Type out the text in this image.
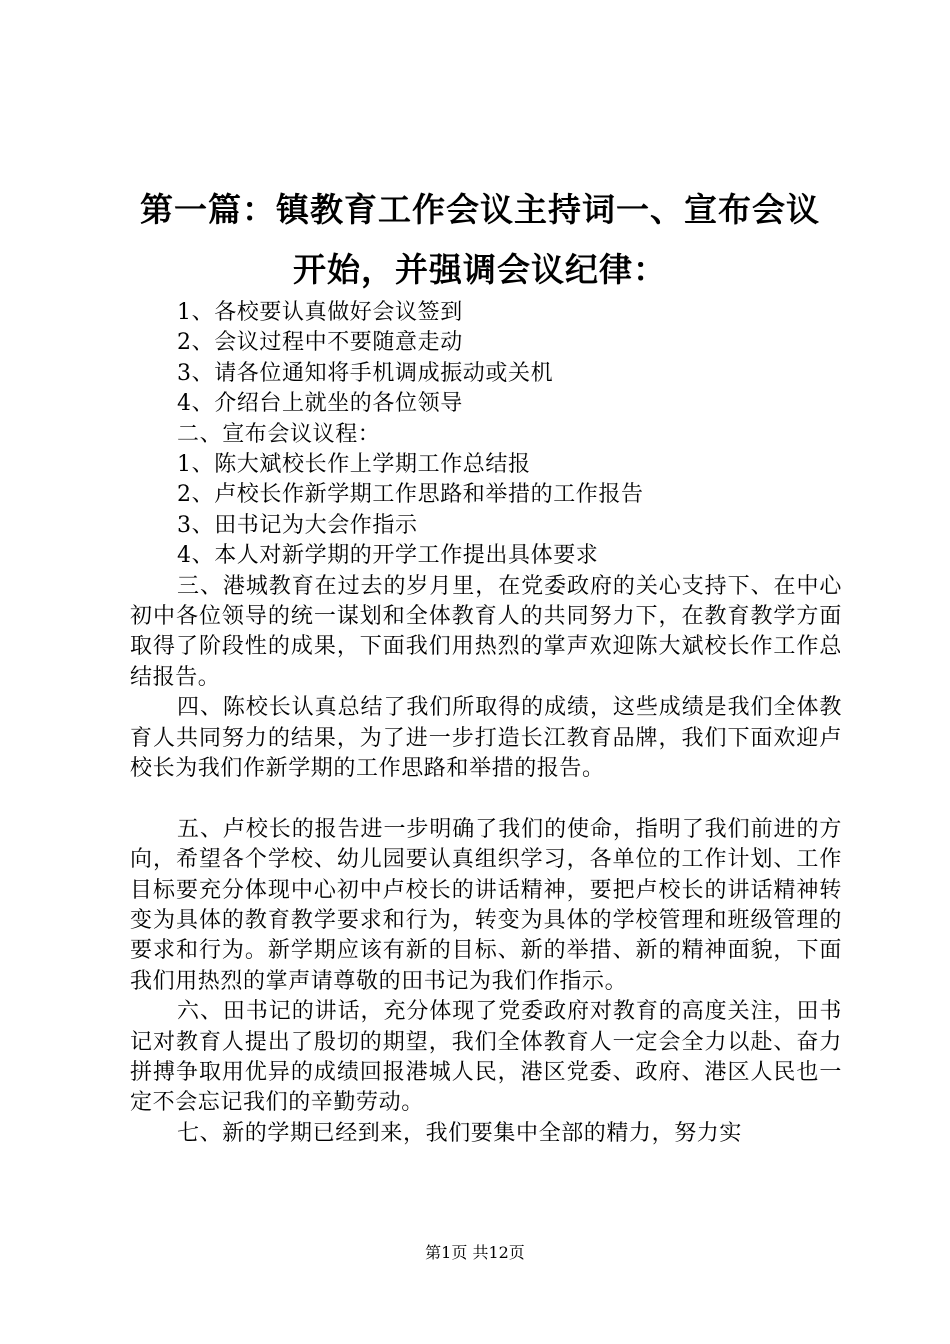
第一篇：镇教育工作会议主持词一、宣布会议
开始，并强调会议纪律：
1、各校要认真做好会议签到
2、会议过程中不要随意走动
3、请各位通知将手机调成振动或关机
4、介绍台上就坐的各位领导
二、宣布会议议程：
1、陈大斌校长作上学期工作总结报
2、卢校长作新学期工作思路和举措的工作报告
3、田书记为大会作指示
4、本人对新学期的开学工作提出具体要求

三、港城教育在过去的岁月里，在党委政府的关心支持下、在中心初中各位领导的统一谋划和全体教育人的共同努力下，在教育教学方面取得了阶段性的成果，下面我们用热烈的掌声欢迎陈大斌校长作工作总结报告。

四、陈校长认真总结了我们所取得的成绩，这些成绩是我们全体教育人共同努力的结果，为了进一步打造长江教育品牌，我们下面欢迎卢校长为我们作新学期的工作思路和举措的报告。

五、卢校长的报告进一步明确了我们的使命，指明了我们前进的方向，希望各个学校、幼儿园要认真组织学习，各单位的工作计划、工作目标要充分体现中心初中卢校长的讲话精神，要把卢校长的讲话精神转变为具体的教育教学要求和行为，转变为具体的学校管理和班级管理的要求和行为。新学期应该有新的目标、新的举措、新的精神面貌，下面我们用热烈的掌声请尊敬的田书记为我们作指示。

六、田书记的讲话，充分体现了党委政府对教育的高度关注，田书记对教育人提出了殷切的期望，我们全体教育人一定会全力以赴、奋力拼搏争取用优异的成绩回报港城人民，港区党委、政府、港区人民也一定不会忘记我们的辛勤劳动。

七、新的学期已经到来，我们要集中全部的精力，努力实

第1页 共12页
